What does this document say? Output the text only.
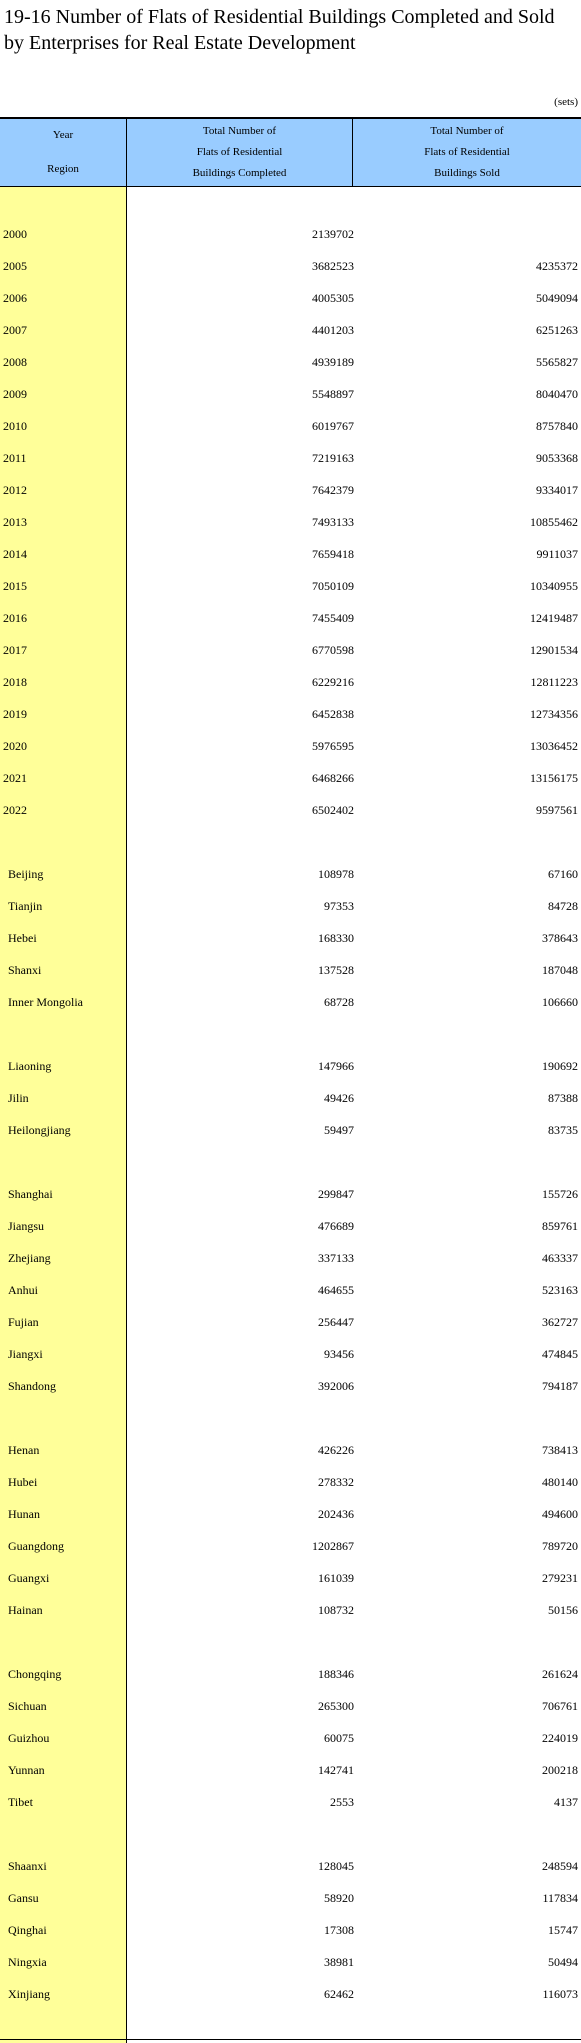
19-16 Number of Flats of Residential Buildings Completed and Sold by Enterprises for Real Estate Development
(sets)
Year
Region
Total Number of
Flats of Residential
Buildings Completed
Total Number of
Flats of Residential
Buildings Sold
2000	2139702
2005	3682523	4235372
2006	4005305	5049094
2007	4401203	6251263
2008	4939189	5565827
2009	5548897	8040470
2010	6019767	8757840
2011	7219163	9053368
2012	7642379	9334017
2013	7493133	10855462
2014	7659418	9911037
2015	7050109	10340955
2016	7455409	12419487
2017	6770598	12901534
2018	6229216	12811223
2019	6452838	12734356
2020	5976595	13036452
2021	6468266	13156175
2022	6502402	9597561
Beijing	108978	67160
Tianjin	97353	84728
Hebei	168330	378643
Shanxi	137528	187048
Inner Mongolia	68728	106660
Liaoning	147966	190692
Jilin	49426	87388
Heilongjiang	59497	83735
Shanghai	299847	155726
Jiangsu	476689	859761
Zhejiang	337133	463337
Anhui	464655	523163
Fujian	256447	362727
Jiangxi	93456	474845
Shandong	392006	794187
Henan	426226	738413
Hubei	278332	480140
Hunan	202436	494600
Guangdong	1202867	789720
Guangxi	161039	279231
Hainan	108732	50156
Chongqing	188346	261624
Sichuan	265300	706761
Guizhou	60075	224019
Yunnan	142741	200218
Tibet	2553	4137
Shaanxi	128045	248594
Gansu	58920	117834
Qinghai	17308	15747
Ningxia	38981	50494
Xinjiang	62462	116073
